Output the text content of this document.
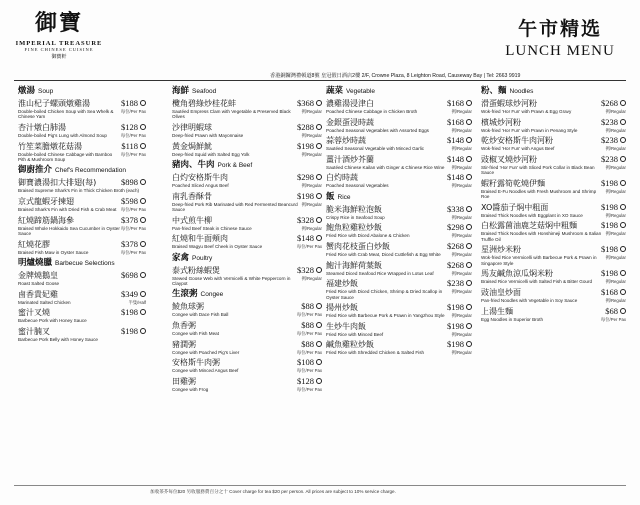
御寶
IMPERIAL TREASURE
FINE CHINESE CUISINE
御寶軒
午市精选
LUNCH MENU
香港銅鑼灣禮頓道8號 皇冠假日酒店2樓 2/F, Crowne Plaza, 8 Leighton Road, Causeway Bay | Tel: 2663 9919
燉湯 Soup
淮山杞子螺頭燉雞湯	$188
Double-boiled Chicken Soup with Sea Whelk & Chinese Yam
每位/Per Pax
杏汁燉白肺湯	$128
Double-boiled Pig's Lung with Almond Soup	每位/Per Pax
竹笙菜膽燉花菇湯	$118
Double-boiled Chinese Cabbage with Bamboo Pith & Mushroom Soup
每位/Per Pax
御廚推介 Chef's Recommendation
御寶濃湯扣大排翅(每)	$898
Braised Supreme Shark's Fin in Thick Chicken Broth (each)
京式龍蝦牙揀翅	$598
Braised Shark's Fin with Dried Fish & Crab Meat	每位/Per Pax
紅燒蹄筋鍋海參	$378
Braised Whole Hokkaido Sea Cucumber in Oyster Sauce
每位/Per Pax
紅燒花膠	$378
Braised Fish Maw in Oyster Sauce	每位/Per Pax
明爐燒臘 Barbecue Selections
金牌燒鵝皇	$698
Roast Salted Goose
鹵香貴妃雞	$349
Marinated Salted Chicken	半隻/Half
蜜汁叉燒	$198
Barbecue Pork with Honey Sauce
蜜汁腩叉	$198
Barbecue Pork Belly with Honey Sauce
海鮮 Seafood
欖角碧綠炒桂花蚌	$368
Sautéed Empress Clam with Vegetable & Preserved Black Olives
例/Regular
沙律明蝦球	$288
Deep-fried Prawn with Mayonnaise	例/Regular
黃金焗鮮魷	$198
Deep-fried Squid with Salted Egg Yolk	例/Regular
豬肉、牛肉 Pork & Beef
白灼安格斯牛肉	$298
Poached Sliced Angus Beef	例/Regular
南乳香酥骨	$198
Deep-fried Pork Rib Marinated with Red Fermented Beancurd Sauce
例/Regular
中式煎牛柳	$328
Pan-fried Beef Steak in Chinese Sauce	例/Regular
紅燒和牛面頰肉	$148
Braised Wagyu Beef Cheek in Oyster Sauce	每位/Per Pax
家禽 Poultry
泰式粉絲蝦煲	$328
Stewed Goose Web with Vermicelli & White Peppercorn in Claypot
例/Regular
生滾粥 Congee
鯪魚球粥	$88
Congee with Dace Fish Ball	每位/Per Pax
魚香粥	$88
Congee with Fish Meat	每位/Per Pax
豬潤粥	$88
Congee with Poached Pig's Liver	每位/Per Pax
安格斯牛肉粥	$108
Congee with Minced Angus Beef	每位/Per Pax
田雞粥	$128
Congee with Frog	每位/Per Pax
蔬菜 Vegetable
濃雞湯浸津白	$168
Poached Chinese Cabbage in Chicken Broth	例/Regular
金銀蛋浸時蔬	$168
Poached Seasonal Vegetables with Assorted Eggs	例/Regular
蒜蓉炒時蔬	$148
Sautéed Seasonal Vegetable with Minced Garlic	例/Regular
薑汁酒炒芥蘭	$148
Sautéed Chinese Kailan with Ginger & Chinese Rice Wine	例/Regular
白灼時蔬	$148
Poached Seasonal Vegetables	例/Regular
飯 Rice
脆米海鮮粒泡飯	$338
Crispy Rice in Seafood Soup	例/Regular
鮑魚粒雞粒炒飯	$298
Fried Rice with Diced Abalone & Chicken	例/Regular
蟹肉花枝蛋白炒飯	$268
Fried Rice with Crab Meat, Diced Cuttlefish & Egg White	例/Regular
鮑汁海鮮荷葉飯	$268
Steamed Diced Seafood Rice Wrapped in Lotus Leaf	例/Regular
福建炒飯	$238
Fried Rice with Diced Chicken, Shrimp & Dried Scallop in Oyster Sauce
例/Regular
揚州炒飯	$198
Fried Rice with Barbecue Pork & Prawn in Yangzhou Style	例/Regular
生炒牛肉飯	$198
Fried Rice with Minced Beef	例/Regular
鹹魚雞粒炒飯	$198
Fried Rice with Shredded Chicken & Salted Fish	例/Regular
粉、麵 Noodles
滑蛋蝦球炒河粉	$268
Wok-fried 'Hor Fun' with Prawn & Egg Gravy	例/Regular
檳城炒河粉	$238
Wok-fried 'Hor Fun' with Prawn in Penang Style	例/Regular
乾炒安格斯牛肉河粉	$238
Wok-fried 'Hor Fun' with Angus Beef	例/Regular
豉椒叉燒炒河粉	$238
Stir-fried 'Hor Fun' with Sliced Pork Collar in Black Bean Sauce
例/Regular
蝦籽露筍乾燒伊麵	$198
Braised E-Fu Noodles with Fresh Mushroom and Shrimp Roe
例/Regular
XO醬茄子焖中粗面	$198
Braised Thick Noodles with Eggplant in XO Sauce	例/Regular
白松露菌油鹿芝菇焖中粗麵	$198
Braised Thick Noodles with Honshimeji Mushroom & Italian Truffle Oil
例/Regular
星洲炒米粉	$198
Wok-fried Rice Vermicelli with Barbecue Pork & Prawn in Singapore Style
例/Regular
馬友鹹魚涼瓜焖米粉	$198
Braised Rice Vermicelli with Salted Fish & Bitter Gourd	例/Regular
豉油皇炒面	$168
Pan-fried Noodles with Vegetable in Soy Sauce	例/Regular
上湯生麵	$68
Egg Noodles in Superior Broth	每位/Per Pax
加收茶芥每位$20 另收服務費百分之十 Cover charge for tea $20 per person. All prices are subject to 10% service charge.
